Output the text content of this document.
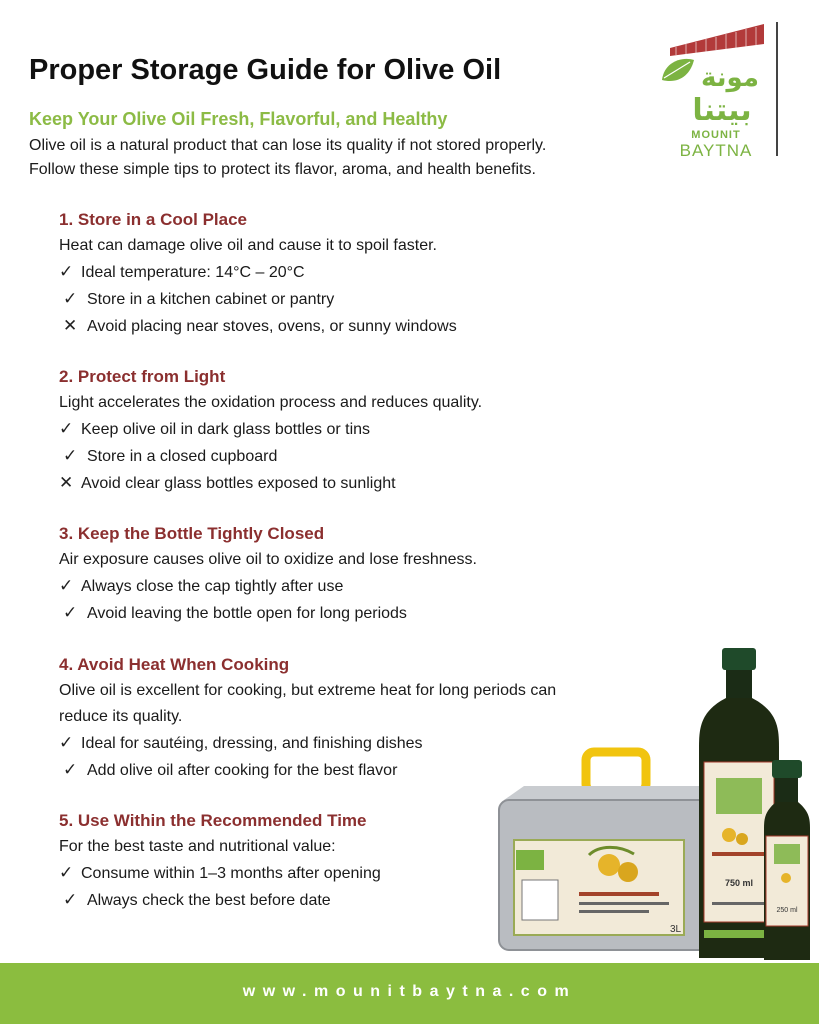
Proper Storage Guide for Olive Oil	مونة
بيتنا
MOUNIT
BAYTNA
Keep Your Olive Oil Fresh, Flavorful, and Healthy
Olive oil is a natural product that can lose its quality if not stored properly.
Follow these simple tips to protect its flavor, aroma, and health benefits.
1. Store in a Cool Place
Heat can damage olive oil and cause it to spoil faster.
✓ Ideal temperature: 14°C – 20°C
✓ Store in a kitchen cabinet or pantry
✕ Avoid placing near stoves, ovens, or sunny windows
2. Protect from Light
Light accelerates the oxidation process and reduces quality.
✓ Keep olive oil in dark glass bottles or tins
✓ Store in a closed cupboard
✕ Avoid clear glass bottles exposed to sunlight
3. Keep the Bottle Tightly Closed
Air exposure causes olive oil to oxidize and lose freshness.
✓ Always close the cap tightly after use
✓ Avoid leaving the bottle open for long periods
4. Avoid Heat When Cooking
Olive oil is excellent for cooking, but extreme heat for long periods can
reduce its quality.
✓ Ideal for sautéing, dressing, and finishing dishes
✓ Add olive oil after cooking for the best flavor
5. Use Within the Recommended Time
For the best taste and nutritional value:
✓ Consume within 1–3 months after opening
✓ Always check the best before date
3L
750 ml
250 ml
www.mounitbaytna.com
